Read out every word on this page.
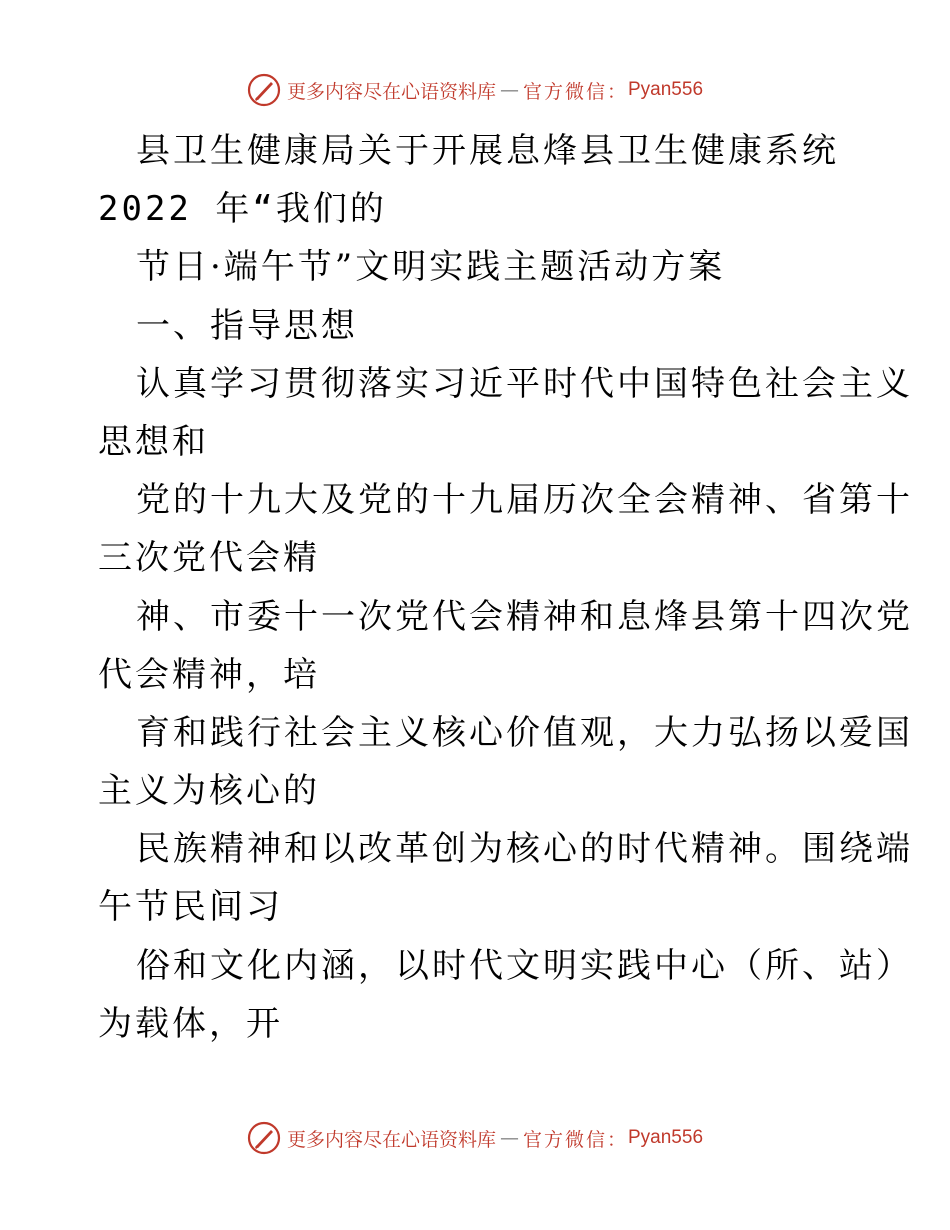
更多内容尽在心语资料库 — 官方微信： Pyan556
县卫生健康局关于开展息烽县卫生健康系统
2022 年“我们的
节日·端午节”文明实践主题活动方案
一、指导思想
认真学习贯彻落实习近平时代中国特色社会主义
思想和
党的十九大及党的十九届历次全会精神、省第十
三次党代会精
神、市委十一次党代会精神和息烽县第十四次党
代会精神，培
育和践行社会主义核心价值观，大力弘扬以爱国
主义为核心的
民族精神和以改革创为核心的时代精神。围绕端
午节民间习
俗和文化内涵，以时代文明实践中心（所、站）
为载体，开
更多内容尽在心语资料库 — 官方微信： Pyan556
